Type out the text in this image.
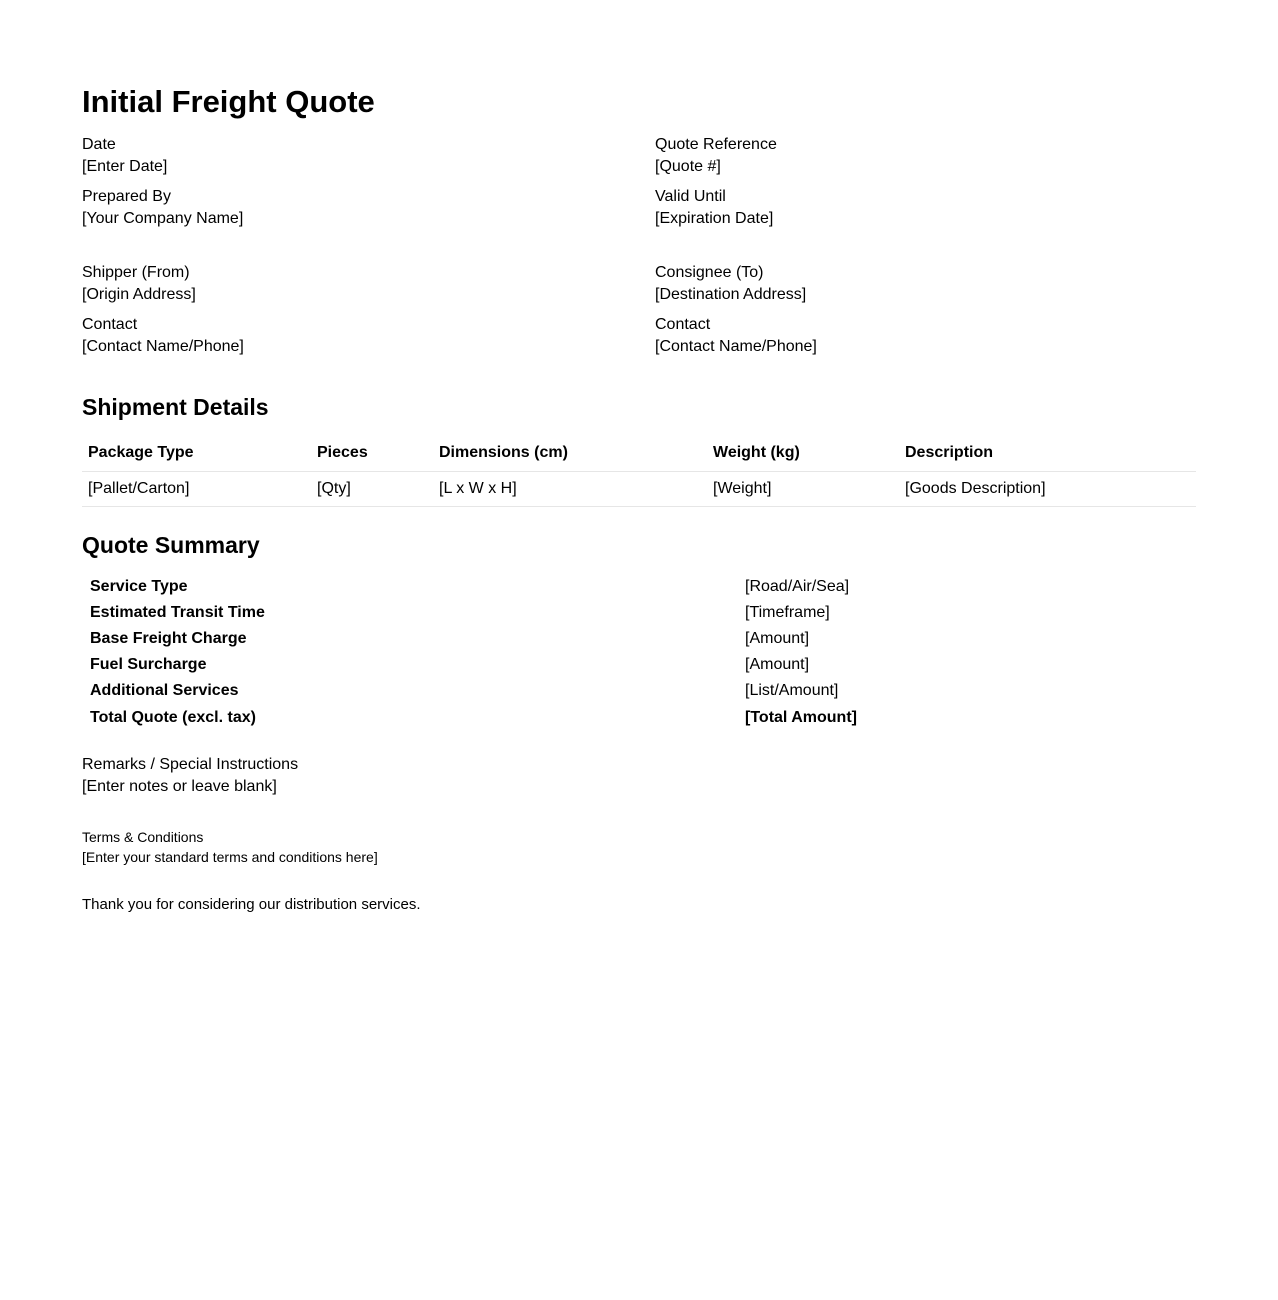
Initial Freight Quote
Date
[Enter Date]
Quote Reference
[Quote #]
Prepared By
[Your Company Name]
Valid Until
[Expiration Date]
Shipper (From)
[Origin Address]
Consignee (To)
[Destination Address]
Contact
[Contact Name/Phone]
Contact
[Contact Name/Phone]
Shipment Details
Package Type	Pieces	Dimensions (cm)	Weight (kg)	Description
[Pallet/Carton]	[Qty]	[L x W x H]	[Weight]	[Goods Description]
Quote Summary
Service Type	[Road/Air/Sea]
Estimated Transit Time	[Timeframe]
Base Freight Charge	[Amount]
Fuel Surcharge	[Amount]
Additional Services	[List/Amount]
Total Quote (excl. tax)	[Total Amount]
Remarks / Special Instructions
[Enter notes or leave blank]
Terms & Conditions
[Enter your standard terms and conditions here]
Thank you for considering our distribution services.
